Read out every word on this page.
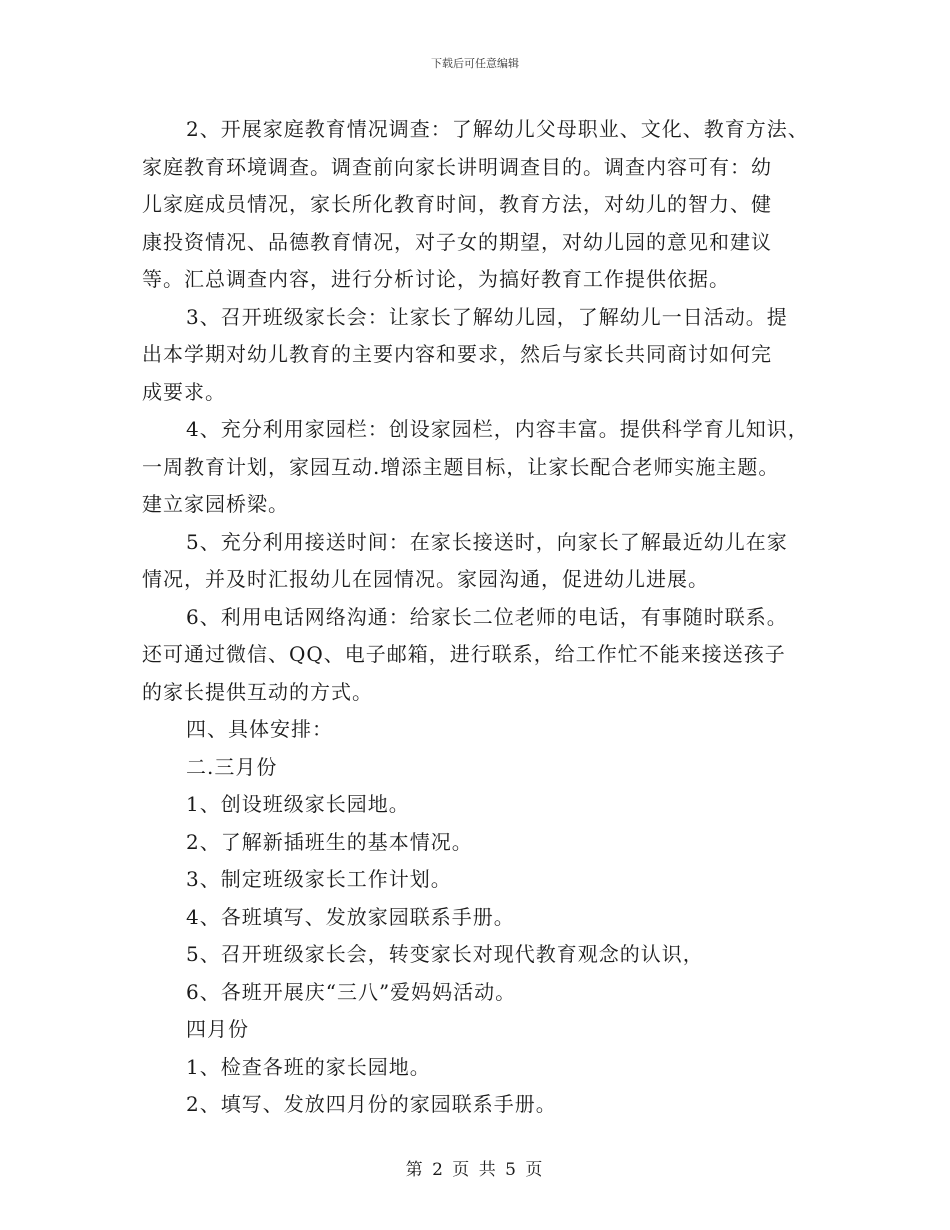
下载后可任意编辑

2、开展家庭教育情况调查：了解幼儿父母职业、文化、教育方法、

家庭教育环境调查。调查前向家长讲明调查目的。调查内容可有：幼

儿家庭成员情况，家长所化教育时间，教育方法，对幼儿的智力、健

康投资情况、品德教育情况，对子女的期望，对幼儿园的意见和建议

等。汇总调查内容，进行分析讨论，为搞好教育工作提供依据。

3、召开班级家长会：让家长了解幼儿园，了解幼儿一日活动。提

出本学期对幼儿教育的主要内容和要求，然后与家长共同商讨如何完

成要求。

4、充分利用家园栏：创设家园栏，内容丰富。提供科学育儿知识，

一周教育计划，家园互动.增添主题目标，让家长配合老师实施主题。

建立家园桥梁。

5、充分利用接送时间：在家长接送时，向家长了解最近幼儿在家

情况，并及时汇报幼儿在园情况。家园沟通，促进幼儿进展。

6、利用电话网络沟通：给家长二位老师的电话，有事随时联系。

还可通过微信、QQ、电子邮箱，进行联系，给工作忙不能来接送孩子

的家长提供互动的方式。

四、具体安排：

二.三月份

1、创设班级家长园地。

2、了解新插班生的基本情况。

3、制定班级家长工作计划。

4、各班填写、发放家园联系手册。

5、召开班级家长会，转变家长对现代教育观念的认识，

6、各班开展庆“三八”爱妈妈活动。

四月份

1、检查各班的家长园地。

2、填写、发放四月份的家园联系手册。

第 2 页 共 5 页
